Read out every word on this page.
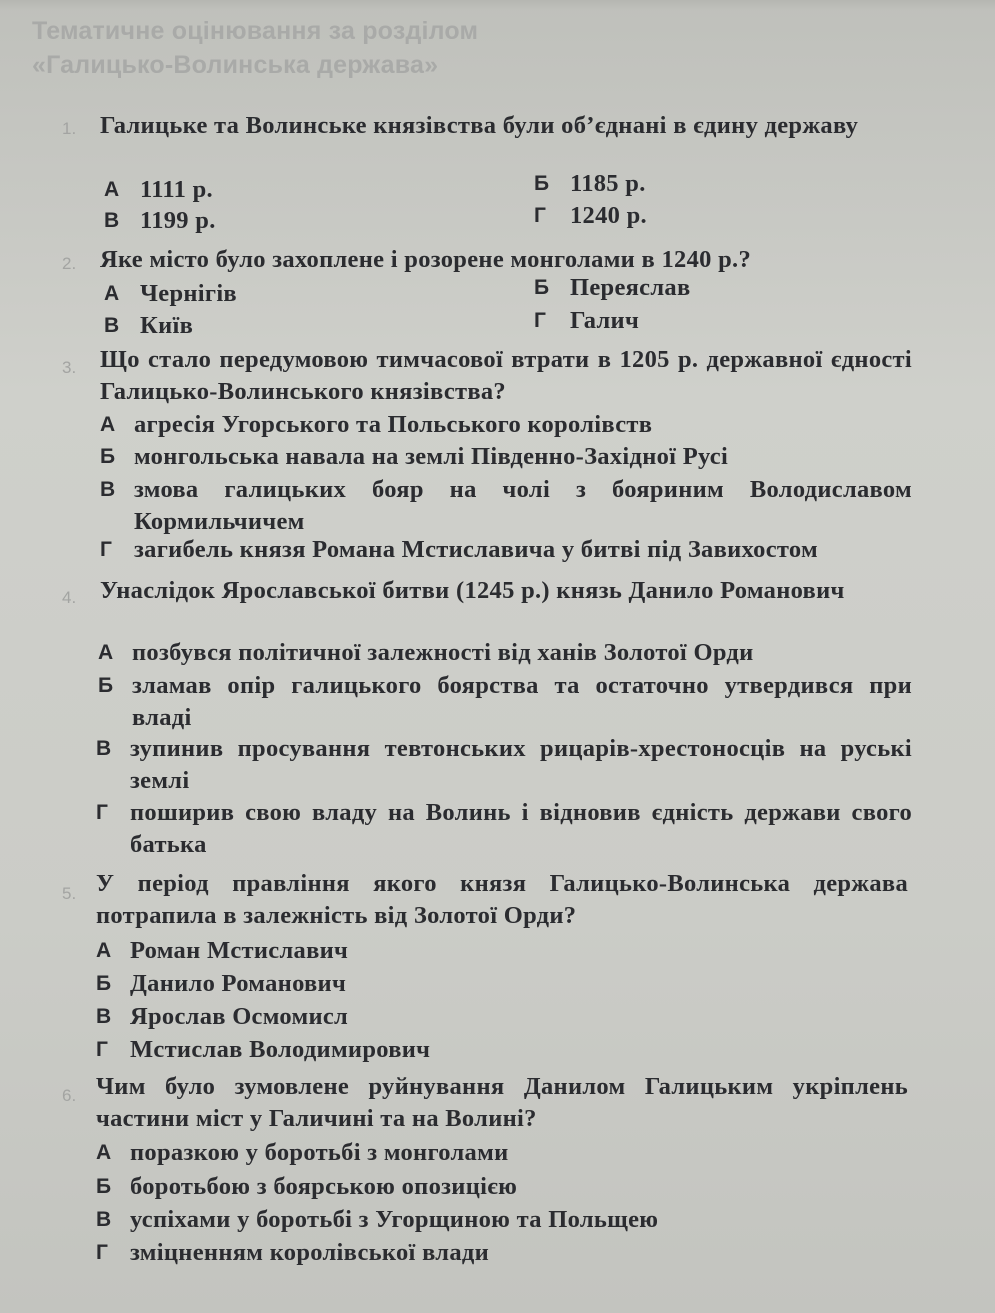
Тематичне оцінювання за розділом
«Галицько-Волинська держава»
1. Галицьке та Волинське князівства були об’єднані в єдину державу
А 1111 р.	Б 1185 р.
В 1199 р.	Г 1240 р.
2. Яке місто було захоплене і розорене монголами в 1240 р.?
А Чернігів	Б Переяслав
В Київ	Г Галич
3. Що стало передумовою тимчасової втрати в 1205 р. державної єдності Галицько-Волинського князівства?
А агресія Угорського та Польського королівств
Б монгольська навала на землі Південно-Західної Русі
В змова галицьких бояр на чолі з бояриним Володиславом Кормильчичем
Г загибель князя Романа Мстиславича у битві під Завихостом
4. Унаслідок Ярославської битви (1245 р.) князь Данило Романович
А позбувся політичної залежності від ханів Золотої Орди
Б зламав опір галицького боярства та остаточно утвердився при владі
В зупинив просування тевтонських рицарів-хрестоносців на руські землі
Г поширив свою владу на Волинь і відновив єдність держави свого батька
5. У період правління якого князя Галицько-Волинська держава потрапила в залежність від Золотої Орди?
А Роман Мстиславич
Б Данило Романович
В Ярослав Осмомисл
Г Мстислав Володимирович
6. Чим було зумовлене руйнування Данилом Галицьким укріплень частини міст у Галичині та на Волині?
А поразкою у боротьбі з монголами
Б боротьбою з боярською опозицією
В успіхами у боротьбі з Угорщиною та Польщею
Г зміцненням королівської влади
